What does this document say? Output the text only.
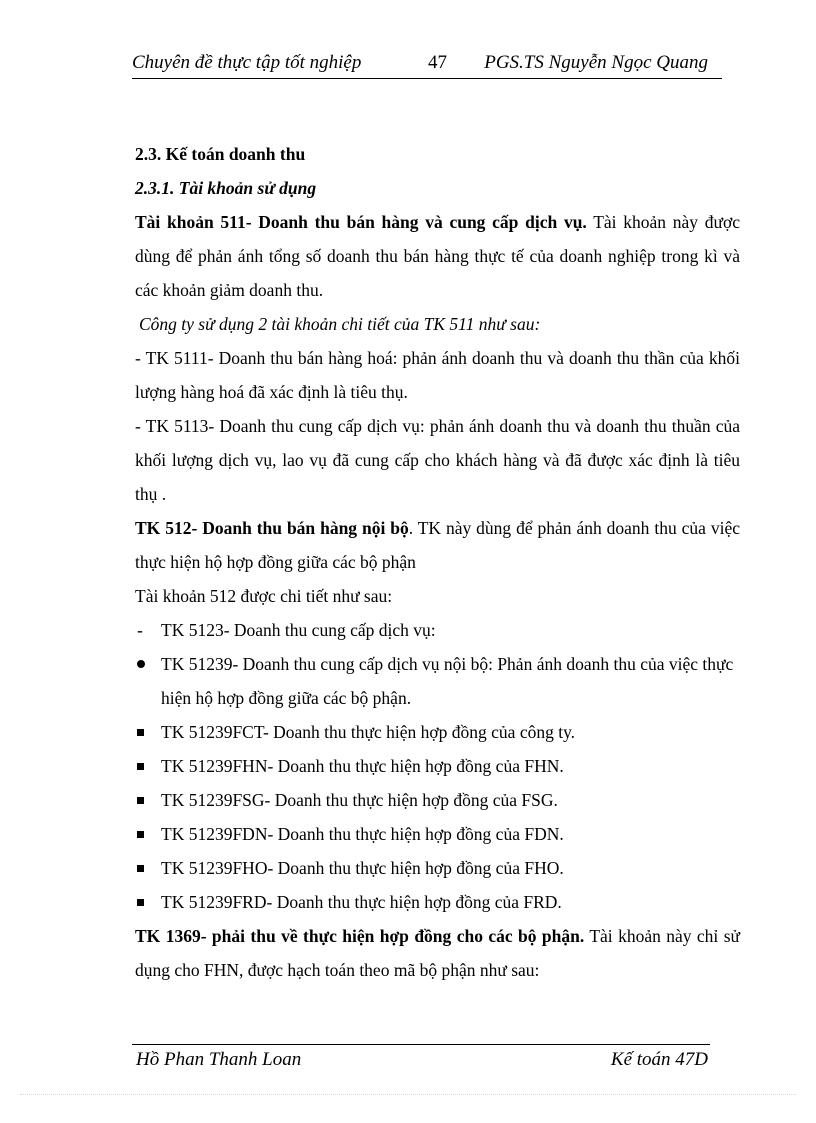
Chuyên đề thực tập tốt nghiệp	47 PGS.TS Nguyễn Ngọc Quang

2.3. Kế toán doanh thu

2.3.1. Tài khoản sử dụng

Tài khoản 511- Doanh thu bán hàng và cung cấp dịch vụ. Tài khoản này được dùng để phản ánh tổng số doanh thu bán hàng thực tế của doanh nghiệp trong kì và các khoản giảm doanh thu.

Công ty sử dụng 2 tài khoản chi tiết của TK 511 như sau:

- TK 5111- Doanh thu bán hàng hoá: phản ánh doanh thu và doanh thu thần của khối lượng hàng hoá đã xác định là tiêu thụ.

- TK 5113- Doanh thu cung cấp dịch vụ: phản ánh doanh thu và doanh thu thuần của khối lượng dịch vụ, lao vụ đã cung cấp cho khách hàng và đã được xác định là tiêu thụ .

TK 512- Doanh thu bán hàng nội bộ. TK này dùng để phản ánh doanh thu của việc thực hiện hộ hợp đồng giữa các bộ phận

Tài khoản 512 được chi tiết như sau:

-	TK 5123- Doanh thu cung cấp dịch vụ:
TK 51239- Doanh thu cung cấp dịch vụ nội bộ: Phản ánh doanh thu của việc thực hiện hộ hợp đồng giữa các bộ phận.
TK 51239FCT- Doanh thu thực hiện hợp đồng của công ty.
TK 51239FHN- Doanh thu thực hiện hợp đồng của FHN.
TK 51239FSG- Doanh thu thực hiện hợp đồng của FSG.
TK 51239FDN- Doanh thu thực hiện hợp đồng của FDN.
TK 51239FHO- Doanh thu thực hiện hợp đồng của FHO.
TK 51239FRD- Doanh thu thực hiện hợp đồng của FRD.

TK 1369- phải thu về thực hiện hợp đồng cho các bộ phận. Tài khoản này chỉ sử dụng cho FHN, được hạch toán theo mã bộ phận như sau:

Hồ Phan Thanh Loan	Kế toán 47D
